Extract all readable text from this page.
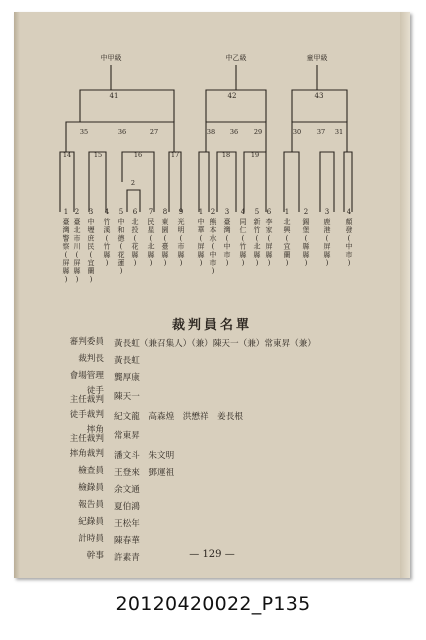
中甲級	中乙級	童甲級
41	42	43
35	36	27	38 36 29	30 37 31
14	15	16	17	18	19
2
1
臺
灣
警
察
(
屏
縣
)
2
臺
北
市
川
(
屏
縣
)
3
中
壢
庶
民
(
宜
蘭
)
4
竹
溪
(
竹
縣
)
5
中
和
德
(
花
蓮
)
6
北
投
(
花
縣
)
7
民
星
(
北
縣
)
8
東
園
(
臺
縣
)
9
光
明
(
市
縣
)
1
中
華
(
屏
縣
)
2
熊
本
水
(
中
市
)
3
臺
灣
(
中
市
)
4
同
仁
(
竹
縣
)
5
新
竹
(
北
縣
)
6
李
家
(
屏
縣
)
1
北
興
(
宜
蘭
)
2
錫
堡
(
縣
縣
)
3
鹿
港
(
屏
縣
)
4
顏
發
(
中
市
)
裁判員名單
審判委員	黃長虹（兼召集人）（兼）陳天一（兼）常東昇（兼）
裁判長	黃長虹
會場管理	龔厚康
徒手
主任裁判	陳天一
徒手裁判	紀文龍　高森煌　洪懋祥　姜長根
摔角
主任裁判	常東昇
摔角裁判	潘文斗　朱文明
檢查員	王登來　鄧運祖
檢錄員	余文通
報告員	夏伯鴻
紀錄員	王松年
計時員	陳春華
幹事	許素青	— 129 —
20120420022_P135
